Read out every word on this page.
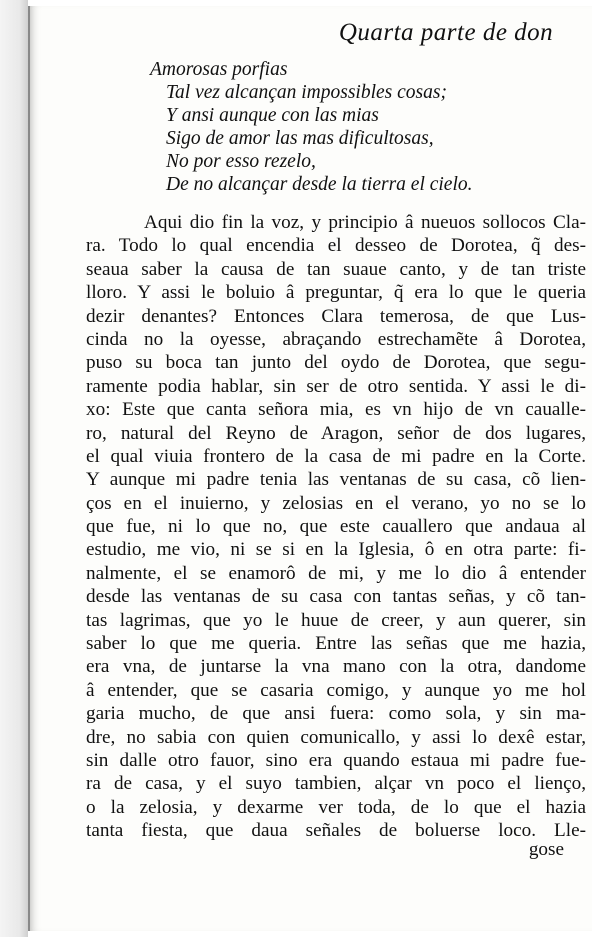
Quarta parte de don
Amorosas porfias
Tal vez alcançan impossibles cosas;
Y ansi aunque con las mias
Sigo de amor las mas dificultosas,
No por esso rezelo,
De no alcançar desde la tierra el cielo.
Aqui dio fin la voz, y principio â nueuos sollocos Cla-
ra. Todo lo qual encendia el desseo de Dorotea, q̃ des-
seaua saber la causa de tan suaue canto, y de tan triste
lloro. Y assi le boluio â preguntar, q̃ era lo que le queria
dezir denantes? Entonces Clara temerosa, de que Lus-
cinda no la oyesse, abraçando estrechamẽte â Dorotea,
puso su boca tan junto del oydo de Dorotea, que segu-
ramente podia hablar, sin ser de otro sentida. Y assi le di-
xo: Este que canta señora mia, es vn hijo de vn caualle-
ro, natural del Reyno de Aragon, señor de dos lugares,
el qual viuia frontero de la casa de mi padre en la Corte.
Y aunque mi padre tenia las ventanas de su casa, cõ lien-
ços en el inuierno, y zelosias en el verano, yo no se lo
que fue, ni lo que no, que este cauallero que andaua al
estudio, me vio, ni se si en la Iglesia, ô en otra parte: fi-
nalmente, el se enamorô de mi, y me lo dio â entender
desde las ventanas de su casa con tantas señas, y cõ tan-
tas lagrimas, que yo le huue de creer, y aun querer, sin
saber lo que me queria. Entre las señas que me hazia,
era vna, de juntarse la vna mano con la otra, dandome
â entender, que se casaria comigo, y aunque yo me hol
garia mucho, de que ansi fuera: como sola, y sin ma-
dre, no sabia con quien comunicallo, y assi lo dexê estar,
sin dalle otro fauor, sino era quando estaua mi padre fue-
ra de casa, y el suyo tambien, alçar vn poco el lienço,
o la zelosia, y dexarme ver toda, de lo que el hazia
tanta fiesta, que daua señales de boluerse loco. Lle-
gose
